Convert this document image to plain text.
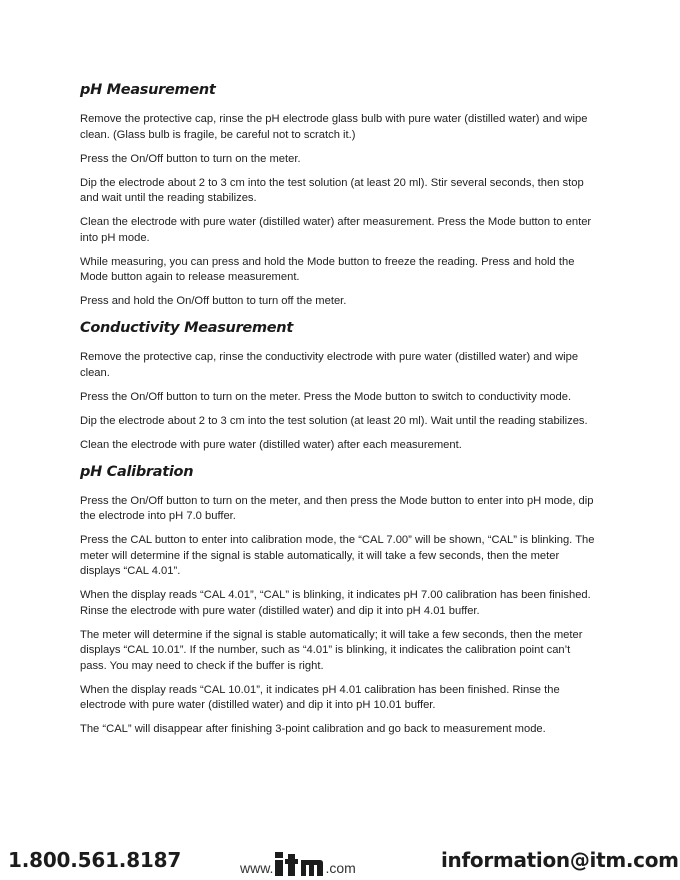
pH Measurement

Remove the protective cap, rinse the pH electrode glass bulb with pure water (distilled water) and wipe clean. (Glass bulb is fragile, be careful not to scratch it.)

Press the On/Off button to turn on the meter.

Dip the electrode about 2 to 3 cm into the test solution (at least 20 ml). Stir several seconds, then stop and wait until the reading stabilizes.

Clean the electrode with pure water (distilled water) after measurement. Press the Mode button to enter into pH mode.

While measuring, you can press and hold the Mode button to freeze the reading. Press and hold the Mode button again to release measurement.

Press and hold the On/Off button to turn off the meter.

Conductivity Measurement

Remove the protective cap, rinse the conductivity electrode with pure water (distilled water) and wipe clean.

Press the On/Off button to turn on the meter. Press the Mode button to switch to conductivity mode.

Dip the electrode about 2 to 3 cm into the test solution (at least 20 ml). Wait until the reading stabilizes.

Clean the electrode with pure water (distilled water) after each measurement.

pH Calibration

Press the On/Off button to turn on the meter, and then press the Mode button to enter into pH mode, dip the electrode into pH 7.0 buffer.

Press the CAL button to enter into calibration mode, the “CAL 7.00” will be shown, “CAL” is blinking. The meter will determine if the signal is stable automatically, it will take a few seconds, then the meter displays “CAL 4.01”.

When the display reads “CAL 4.01”, “CAL” is blinking, it indicates pH 7.00 calibration has been finished. Rinse the electrode with pure water (distilled water) and dip it into pH 4.01 buffer.

The meter will determine if the signal is stable automatically; it will take a few seconds, then the meter displays “CAL 10.01”. If the number, such as “4.01” is blinking, it indicates the calibration point can’t pass. You may need to check if the buffer is right.

When the display reads “CAL 10.01”, it indicates pH 4.01 calibration has been finished. Rinse the electrode with pure water (distilled water) and dip it into pH 10.01 buffer.

The “CAL” will disappear after finishing 3-point calibration and go back to measurement mode.

1.800.561.8187	www.	.com	information@itm.com
